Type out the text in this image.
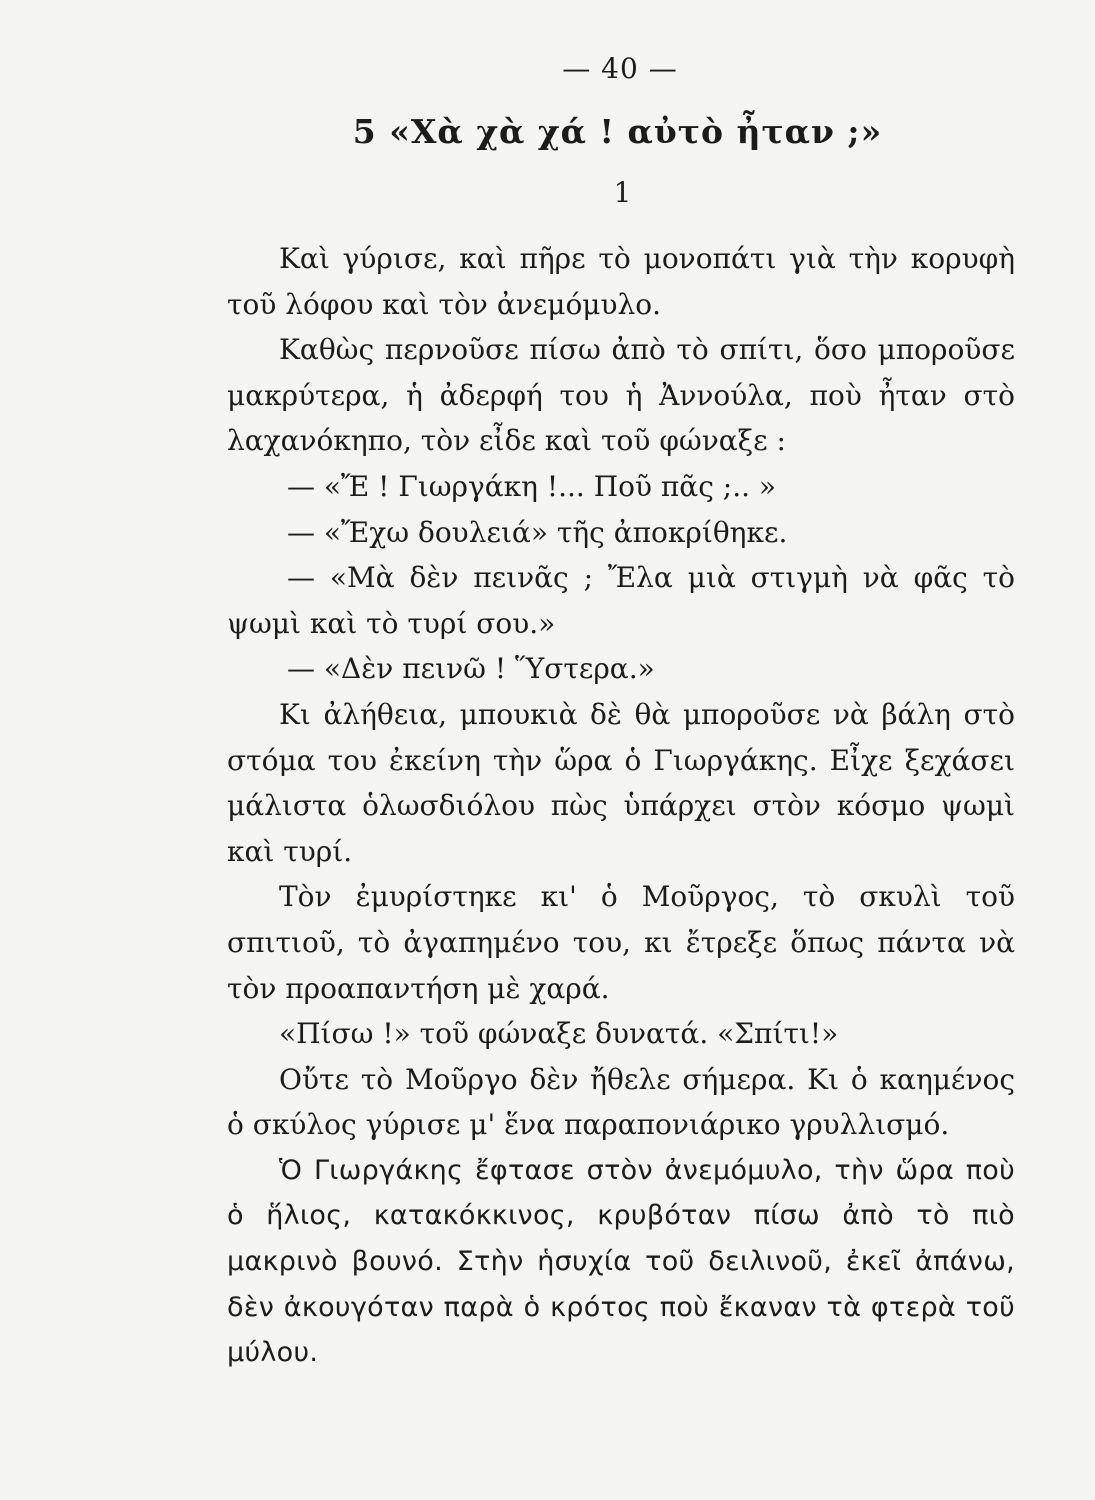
— 40 —
5 «Χὰ χὰ χά ! αὐτὸ ἦταν ;»
1

Καὶ γύρισε, καὶ πῆρε τὸ μονοπάτι γιὰ τὴν κορυφὴ τοῦ λόφου καὶ τὸν ἀνεμόμυλο.

Καθὼς περνοῦσε πίσω ἀπὸ τὸ σπίτι, ὅσο μποροῦσε μακρύτερα, ἡ ἀδερφή του ἡ Ἀννούλα, ποὺ ἦταν στὸ λαχανόκηπο, τὸν εἶδε καὶ τοῦ φώναξε :

— «Ἔ ! Γιωργάκη !... Ποῦ πᾶς ;.. »

— «Ἔχω δουλειά» τῆς ἀποκρίθηκε.

— «Μὰ δὲν πεινᾶς ; Ἔλα μιὰ στιγμὴ νὰ φᾶς τὸ ψωμὶ καὶ τὸ τυρί σου.»

— «Δὲν πεινῶ ! Ὕστερα.»

Κι ἀλήθεια, μπουκιὰ δὲ θὰ μποροῦσε νὰ βάλη στὸ στόμα του ἐκείνη τὴν ὥρα ὁ Γιωργάκης. Εἶχε ξεχάσει μάλιστα ὁλωσδιόλου πὼς ὑπάρχει στὸν κόσμο ψωμὶ καὶ τυρί.

Τὸν ἐμυρίστηκε κι' ὁ Μοῦργος, τὸ σκυλὶ τοῦ σπιτιοῦ, τὸ ἀγαπημένο του, κι ἔτρεξε ὅπως πάντα νὰ τὸν προαπαντήση μὲ χαρά.

«Πίσω !» τοῦ φώναξε δυνατά. «Σπίτι!»

Οὔτε τὸ Μοῦργο δὲν ἤθελε σήμερα. Κι ὁ καημένος ὁ σκύλος γύρισε μ' ἕνα παραπονιάρικο γρυλλισμό.

Ὁ Γιωργάκης ἔφτασε στὸν ἀνεμόμυλο, τὴν ὥρα ποὺ ὁ ἥλιος, κατακόκκινος, κρυβόταν πίσω ἀπὸ τὸ πιὸ μακρινὸ βουνό. Στὴν ἡσυχία τοῦ δειλινοῦ, ἐκεῖ ἀπάνω, δὲν ἀκουγόταν παρὰ ὁ κρότος ποὺ ἔκαναν τὰ φτερὰ τοῦ μύλου.
